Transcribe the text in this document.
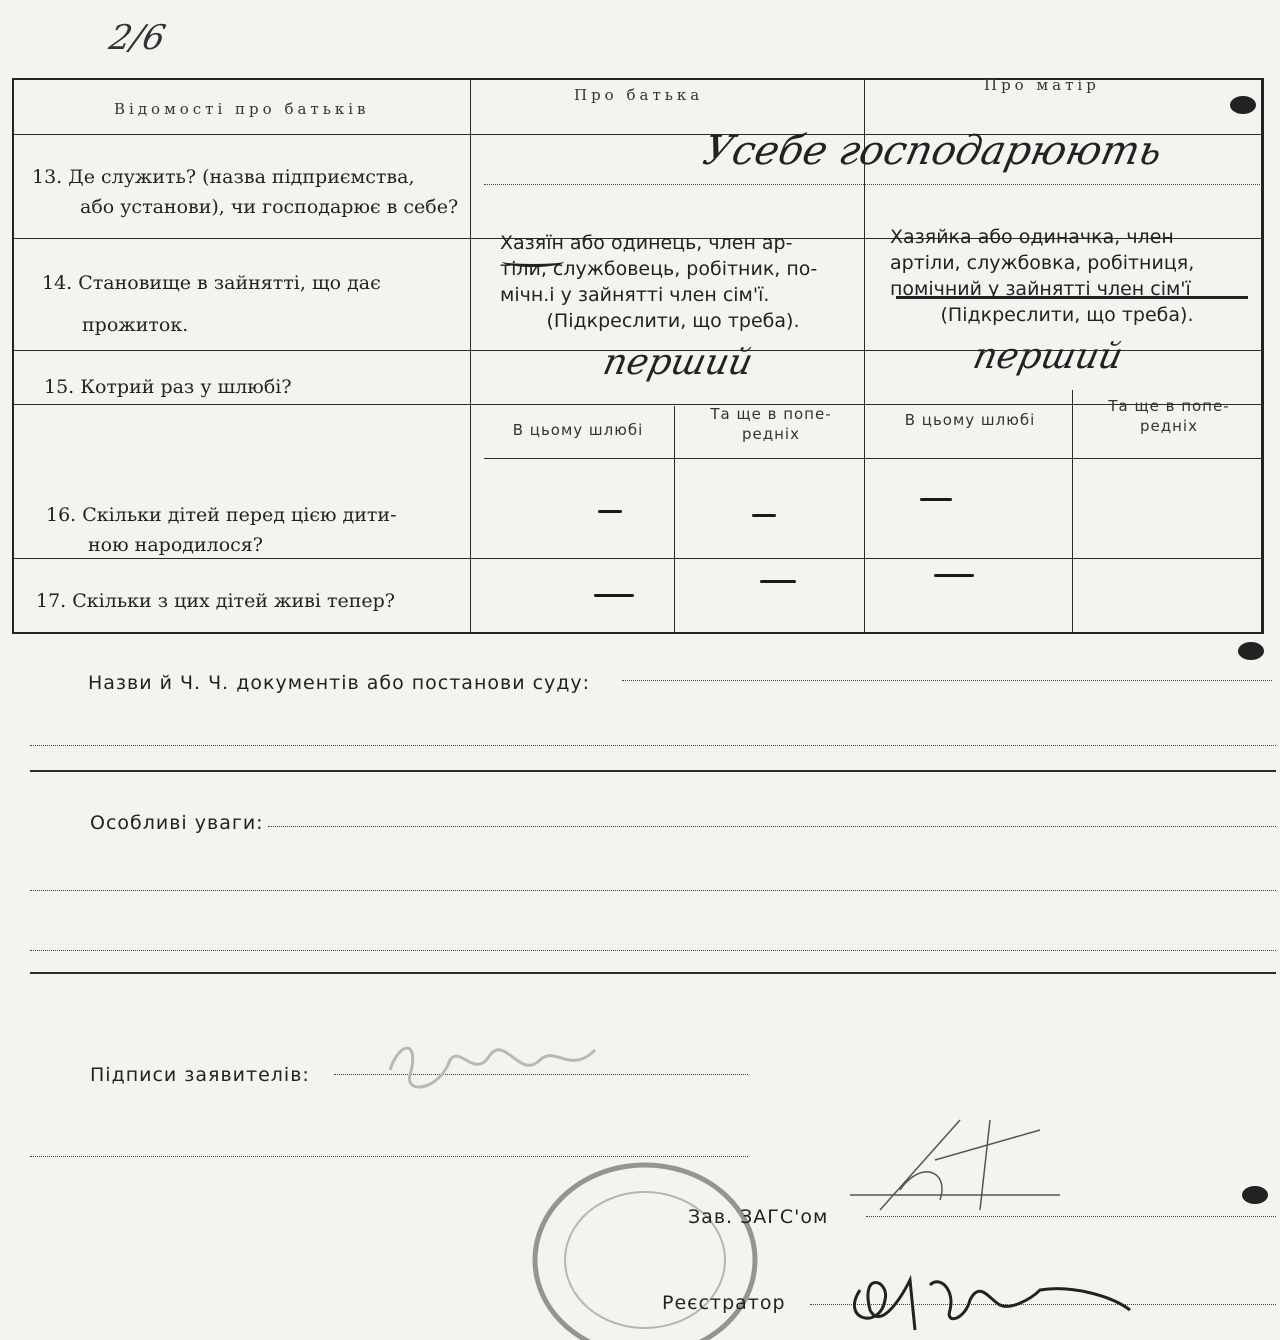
2/6
Відомості про батьків
Про батька
Про матір
13. Де служить? (назва підприємства,
або установи), чи господарює в себе?
Усебе господарюють
14. Становище в зайнятті, що дає
прожиток.
Хазяїн або одинець, член ар-
тіли, службовець, робітник, по-
мічн.і у зайнятті член сім'ї.
(Підкреслити, що треба).
Хазяйка або одиначка, член
артіли, службовка, робітниця,
помічний у зайнятті член сім'ї
(Підкреслити, що треба).
15. Котрий раз у шлюбі?
перший	перший
В цьому шлюбі
Та ще в попе-
редніх
В цьому шлюбі
Та ще в попе-
редніх
16. Скільки дітей перед цією дити-
ною народилося?
17. Скільки з цих дітей живі тепер?
Назви й Ч. Ч. документів або постанови суду:
Особливі уваги:
Підписи заявителів:
Зав. ЗАГС'ом
Реєстратор
